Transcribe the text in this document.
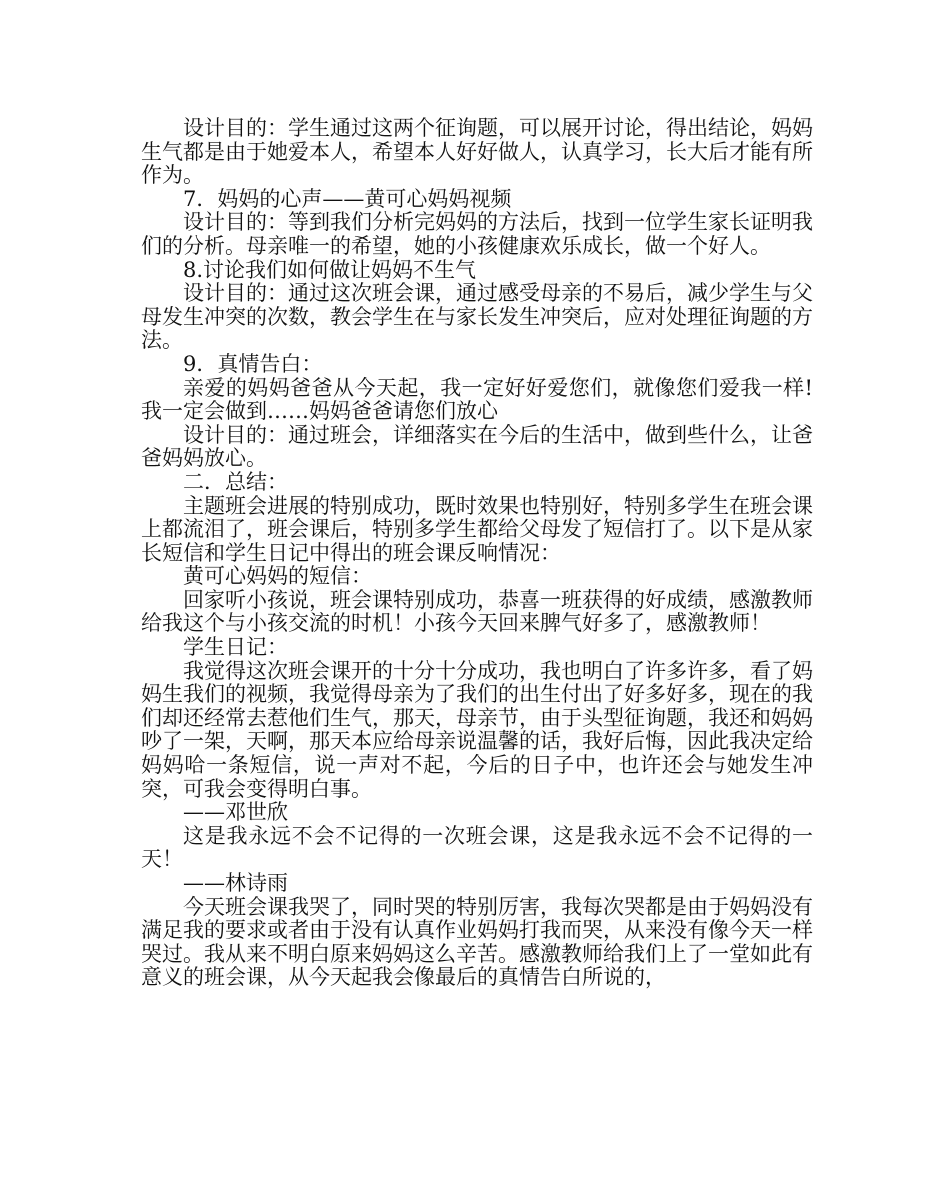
设计目的：学生通过这两个征询题，可以展开讨论，得出结论，妈妈生气都是由于她爱本人，希望本人好好做人，认真学习，长大后才能有所作为。

7．妈妈的心声——黄可心妈妈视频

设计目的：等到我们分析完妈妈的方法后，找到一位学生家长证明我们的分析。母亲唯一的希望，她的小孩健康欢乐成长，做一个好人。

8.讨论我们如何做让妈妈不生气

设计目的：通过这次班会课，通过感受母亲的不易后，减少学生与父母发生冲突的次数，教会学生在与家长发生冲突后，应对处理征询题的方法。

9．真情告白：

亲爱的妈妈爸爸从今天起，我一定好好爱您们，就像您们爱我一样!我一定会做到……妈妈爸爸请您们放心

设计目的：通过班会，详细落实在今后的生活中，做到些什么，让爸爸妈妈放心。

二．总结：

主题班会进展的特别成功，既时效果也特别好，特别多学生在班会课上都流泪了，班会课后，特别多学生都给父母发了短信打了。以下是从家长短信和学生日记中得出的班会课反响情况：

黄可心妈妈的短信：

回家听小孩说，班会课特别成功，恭喜一班获得的好成绩，感激教师给我这个与小孩交流的时机！小孩今天回来脾气好多了，感激教师！

学生日记：

我觉得这次班会课开的十分十分成功，我也明白了许多许多，看了妈妈生我们的视频，我觉得母亲为了我们的出生付出了好多好多，现在的我们却还经常去惹他们生气，那天，母亲节，由于头型征询题，我还和妈妈吵了一架，天啊，那天本应给母亲说温馨的话，我好后悔，因此我决定给妈妈哈一条短信，说一声对不起，今后的日子中，也许还会与她发生冲突，可我会变得明白事。

——邓世欣

这是我永远不会不记得的一次班会课，这是我永远不会不记得的一天！

——林诗雨

今天班会课我哭了，同时哭的特别厉害，我每次哭都是由于妈妈没有满足我的要求或者由于没有认真作业妈妈打我而哭，从来没有像今天一样哭过。我从来不明白原来妈妈这么辛苦。感激教师给我们上了一堂如此有意义的班会课，从今天起我会像最后的真情告白所说的，
